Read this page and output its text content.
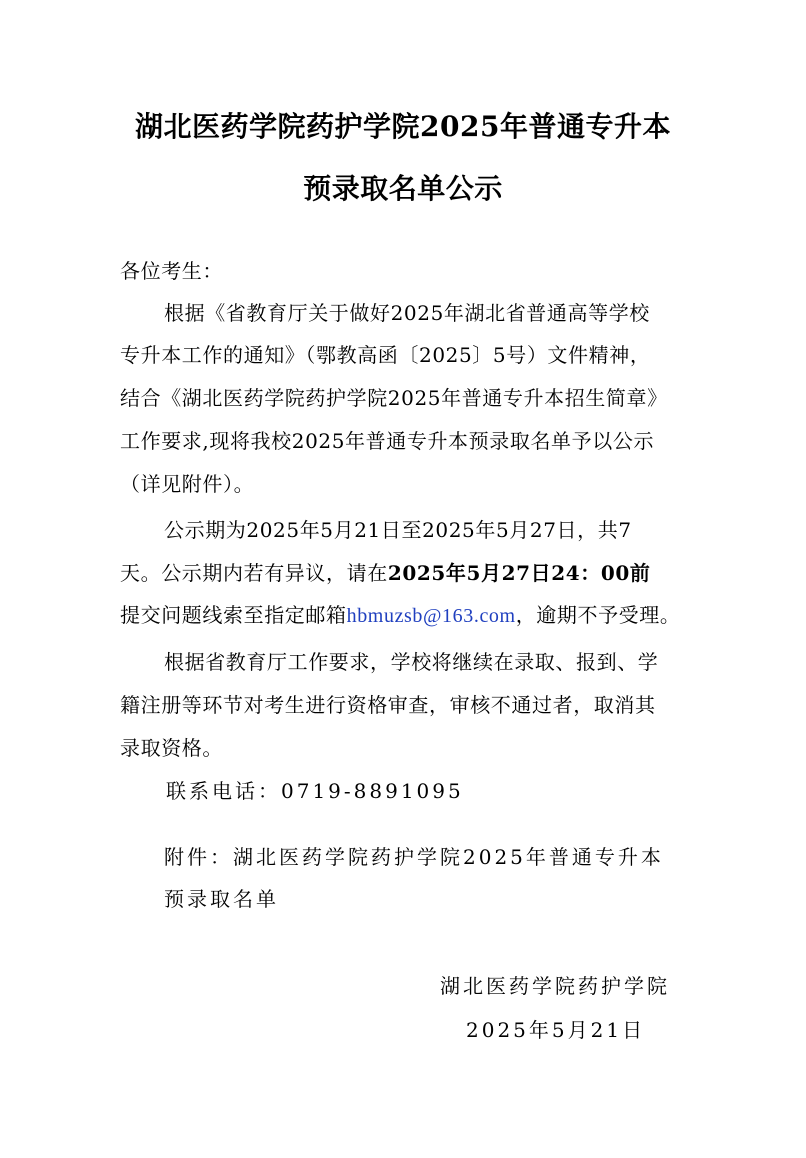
湖北医药学院药护学院2025年普通专升本
预录取名单公示
各位考生：
根据《省教育厅关于做好2025年湖北省普通高等学校
专升本工作的通知》（鄂教高函〔2025〕5号）文件精神，
结合《湖北医药学院药护学院2025年普通专升本招生简章》
工作要求,现将我校2025年普通专升本预录取名单予以公示
（详见附件）。
公示期为2025年5月21日至2025年5月27日，共7
天。公示期内若有异议，请在2025年5月27日24：00前
提交问题线索至指定邮箱hbmuzsb@163.com，逾期不予受理。
根据省教育厅工作要求，学校将继续在录取、报到、学
籍注册等环节对考生进行资格审查，审核不通过者，取消其
录取资格。
联系电话：0719-8891095
附件：湖北医药学院药护学院2025年普通专升本
预录取名单
湖北医药学院药护学院
2025年5月21日
